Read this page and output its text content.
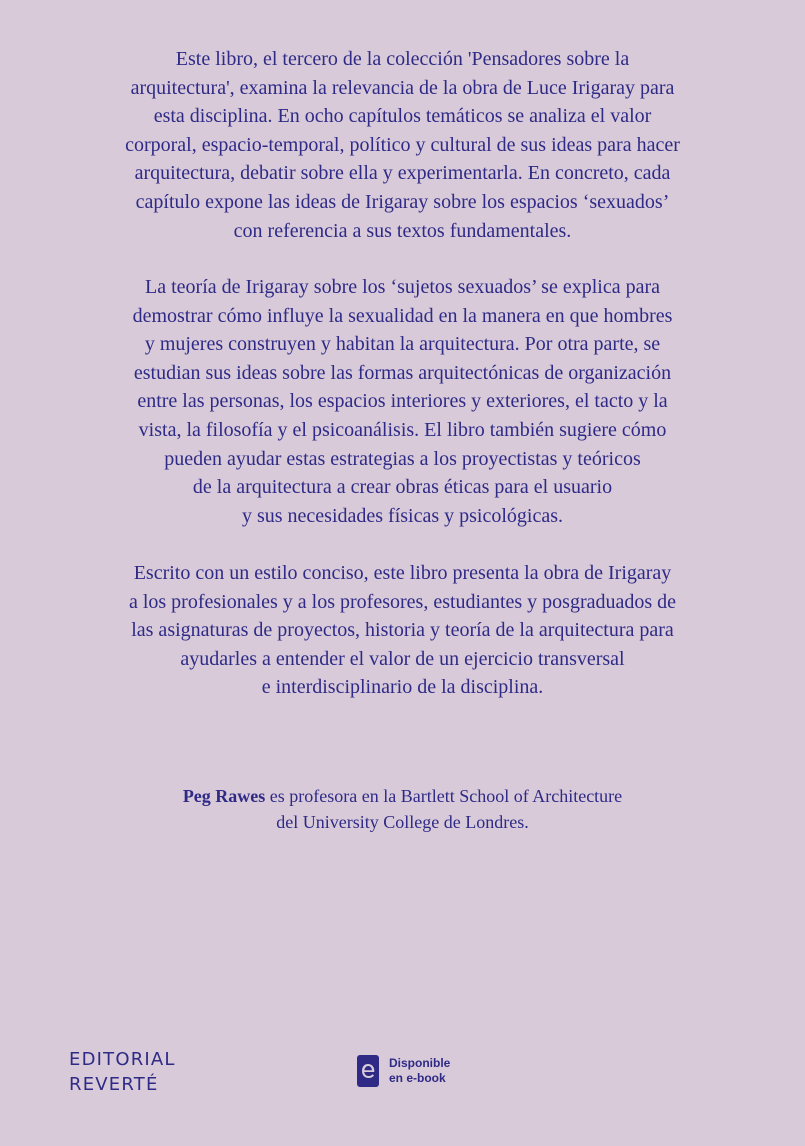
Este libro, el tercero de la colección 'Pensadores sobre la
arquitectura', examina la relevancia de la obra de Luce Irigaray para
esta disciplina. En ocho capítulos temáticos se analiza el valor
corporal, espacio-temporal, político y cultural de sus ideas para hacer
arquitectura, debatir sobre ella y experimentarla. En concreto, cada
capítulo expone las ideas de Irigaray sobre los espacios ‘sexuados’
con referencia a sus textos fundamentales.

La teoría de Irigaray sobre los ‘sujetos sexuados’ se explica para
demostrar cómo influye la sexualidad en la manera en que hombres
y mujeres construyen y habitan la arquitectura. Por otra parte, se
estudian sus ideas sobre las formas arquitectónicas de organización
entre las personas, los espacios interiores y exteriores, el tacto y la
vista, la filosofía y el psicoanálisis. El libro también sugiere cómo
pueden ayudar estas estrategias a los proyectistas y teóricos
de la arquitectura a crear obras éticas para el usuario
y sus necesidades físicas y psicológicas.

Escrito con un estilo conciso, este libro presenta la obra de Irigaray
a los profesionales y a los profesores, estudiantes y posgraduados de
las asignaturas de proyectos, historia y teoría de la arquitectura para
ayudarles a entender el valor de un ejercicio transversal
e interdisciplinario de la disciplina.

Peg Rawes es profesora en la Bartlett School of Architecture
del University College de Londres.

EDITORIAL
REVERTÉ
Disponible
en e-book
